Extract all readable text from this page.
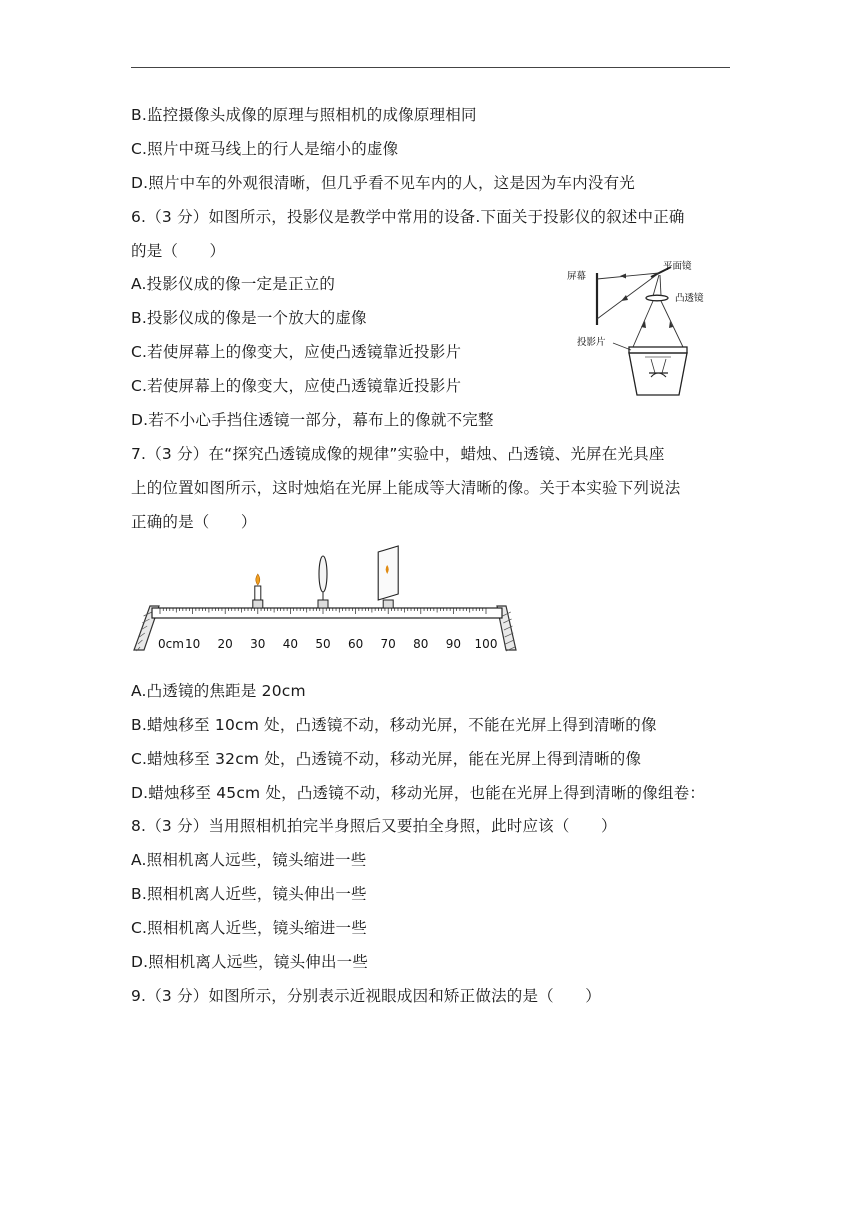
B.监控摄像头成像的原理与照相机的成像原理相同
C.照片中斑马线上的行人是缩小的虚像
D.照片中车的外观很清晰，但几乎看不见车内的人，这是因为车内没有光
6.（3 分）如图所示，投影仪是教学中常用的设备.下面关于投影仪的叙述中正确
的是（　　）
A.投影仪成的像一定是正立的
B.投影仪成的像是一个放大的虚像
C.若使屏幕上的像变大，应使凸透镜靠近投影片
C.若使屏幕上的像变大，应使凸透镜靠近投影片
D.若不小心手挡住透镜一部分，幕布上的像就不完整
屏幕
平面镜
凸透镜
投影片
7.（3 分）在“探究凸透镜成像的规律”实验中，蜡烛、凸透镜、光屏在光具座
上的位置如图所示，这时烛焰在光屏上能成等大清晰的像。关于本实验下列说法
正确的是（　　）
0cm 10 20 30 40 50 60 70 80 90 100
A.凸透镜的焦距是 20cm
B.蜡烛移至 10cm 处，凸透镜不动，移动光屏，不能在光屏上得到清晰的像
C.蜡烛移至 32cm 处，凸透镜不动，移动光屏，能在光屏上得到清晰的像
D.蜡烛移至 45cm 处，凸透镜不动，移动光屏，也能在光屏上得到清晰的像组卷：
8.（3 分）当用照相机拍完半身照后又要拍全身照，此时应该（　　）
A.照相机离人远些，镜头缩进一些
B.照相机离人近些，镜头伸出一些
C.照相机离人近些，镜头缩进一些
D.照相机离人远些，镜头伸出一些
9.（3 分）如图所示，分别表示近视眼成因和矫正做法的是（　　）
